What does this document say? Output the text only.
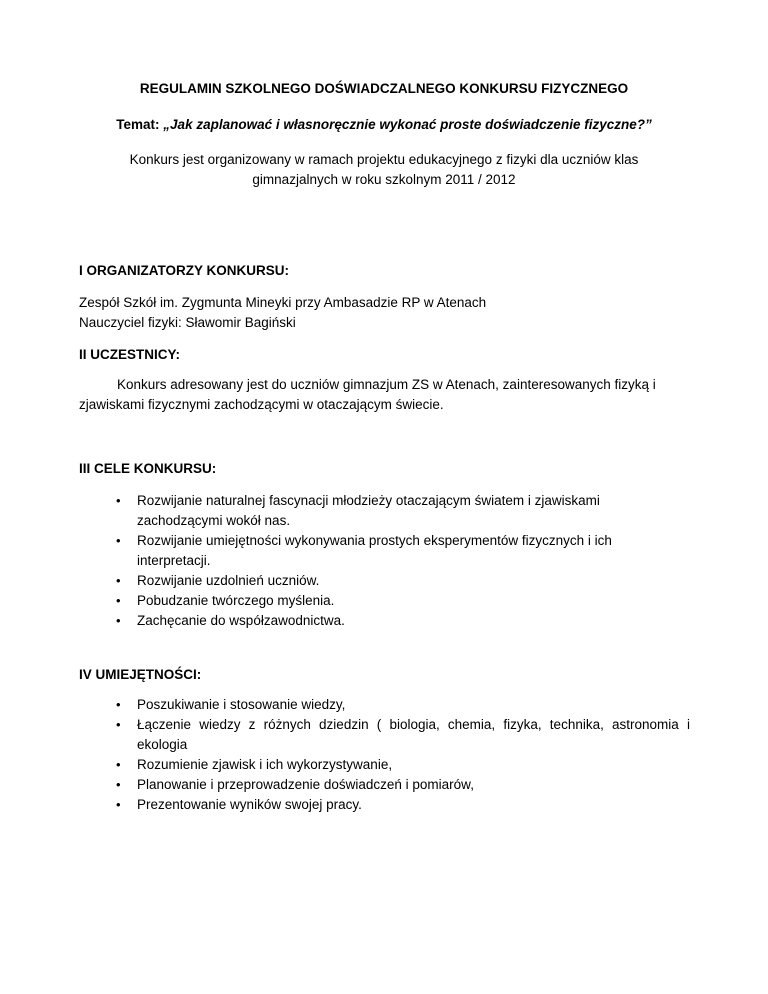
REGULAMIN SZKOLNEGO DOŚWIADCZALNEGO KONKURSU FIZYCZNEGO
Temat: „Jak zaplanować i własnoręcznie wykonać proste doświadczenie fizyczne?”
Konkurs jest organizowany w ramach projektu edukacyjnego z fizyki dla uczniów klas gimnazjalnych w roku szkolnym 2011 / 2012
I ORGANIZATORZY KONKURSU:
Zespół Szkół im. Zygmunta Mineyki przy Ambasadzie RP w Atenach
Nauczyciel fizyki: Sławomir Bagiński
II UCZESTNICY:
Konkurs adresowany jest do uczniów gimnazjum ZS w Atenach, zainteresowanych fizyką i zjawiskami fizycznymi zachodzącymi w otaczającym świecie.
III CELE KONKURSU:
• Rozwijanie naturalnej fascynacji młodzieży otaczającym światem i zjawiskami zachodzącymi wokół nas.
• Rozwijanie umiejętności wykonywania prostych eksperymentów fizycznych i ich interpretacji.
• Rozwijanie uzdolnień uczniów.
• Pobudzanie twórczego myślenia.
• Zachęcanie do współzawodnictwa.
IV UMIEJĘTNOŚCI:
• Poszukiwanie i stosowanie wiedzy,
• Łączenie wiedzy z różnych dziedzin ( biologia, chemia, fizyka, technika, astronomia i ekologia
• Rozumienie zjawisk i ich wykorzystywanie,
• Planowanie i przeprowadzenie doświadczeń i pomiarów,
• Prezentowanie wyników swojej pracy.
